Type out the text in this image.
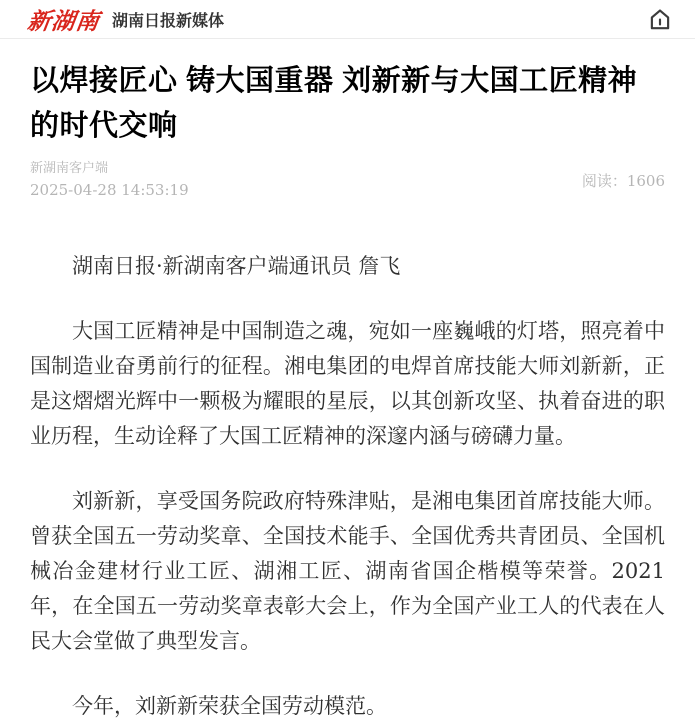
新湖南 湖南日报新媒体
以焊接匠心 铸大国重器 刘新新与大国工匠精神的时代交响
新湖南客户端
2025-04-28 14:53:19
阅读：1606

湖南日报·新湖南客户端通讯员 詹飞

大国工匠精神是中国制造之魂，宛如一座巍峨的灯塔，照亮着中国制造业奋勇前行的征程。湘电集团的电焊首席技能大师刘新新，正是这熠熠光辉中一颗极为耀眼的星辰，以其创新攻坚、执着奋进的职业历程，生动诠释了大国工匠精神的深邃内涵与磅礴力量。

刘新新，享受国务院政府特殊津贴，是湘电集团首席技能大师。曾获全国五一劳动奖章、全国技术能手、全国优秀共青团员、全国机械冶金建材行业工匠、湖湘工匠、湖南省国企楷模等荣誉。2021年，在全国五一劳动奖章表彰大会上，作为全国产业工人的代表在人民大会堂做了典型发言。

今年，刘新新荣获全国劳动模范。
